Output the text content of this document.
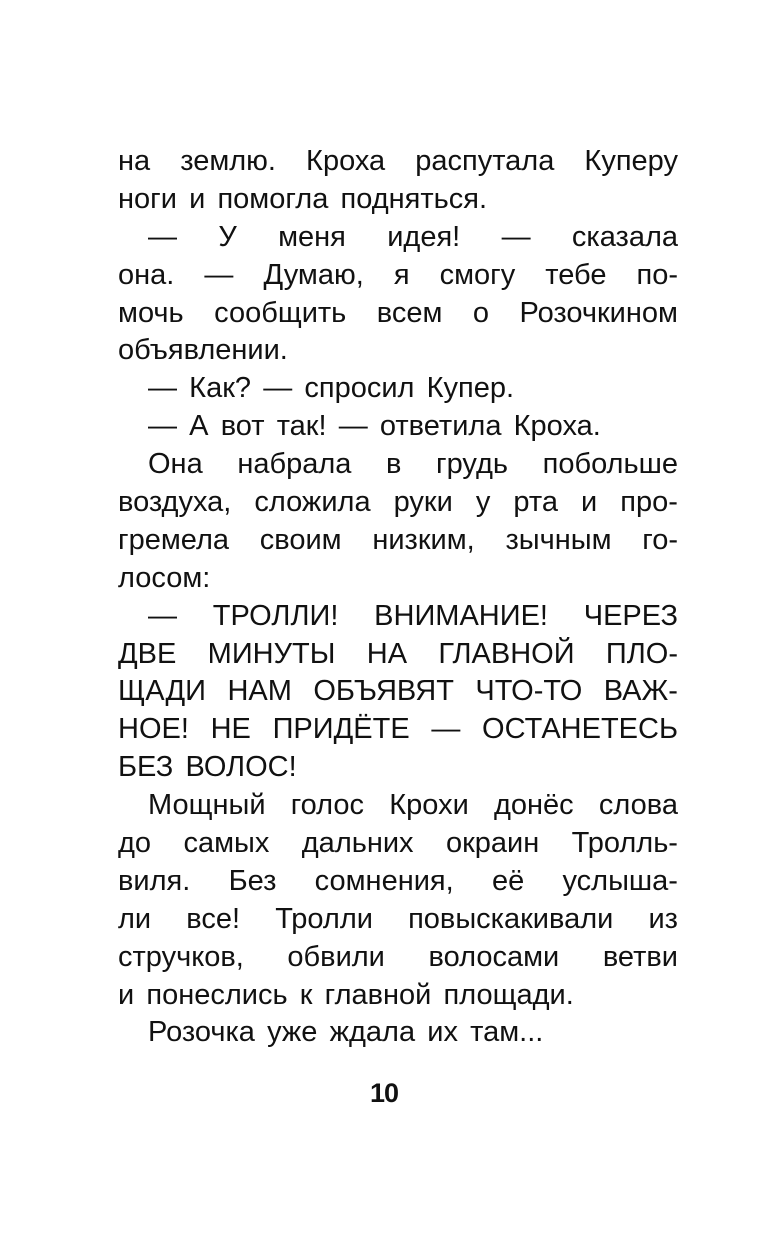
на землю. Кроха распутала Куперу
ноги и помогла подняться.
— У меня идея! — сказала
она. — Думаю, я смогу тебе по-
мочь сообщить всем о Розочкином
объявлении.
— Как? — спросил Купер.
— А вот так! — ответила Кроха.
Она набрала в грудь побольше
воздуха, сложила руки у рта и про-
гремела своим низким, зычным го-
лосом:
— ТРОЛЛИ! ВНИМАНИЕ! ЧЕРЕЗ
ДВЕ МИНУТЫ НА ГЛАВНОЙ ПЛО-
ЩАДИ НАМ ОБЪЯВЯТ ЧТО-ТО ВАЖ-
НОЕ! НЕ ПРИДЁТЕ — ОСТАНЕТЕСЬ
БЕЗ ВОЛОС!
Мощный голос Крохи донёс слова
до самых дальних окраин Тролль-
виля. Без сомнения, её услыша-
ли все! Тролли повыскакивали из
стручков, обвили волосами ветви
и понеслись к главной площади.
Розочка уже ждала их там...
10
